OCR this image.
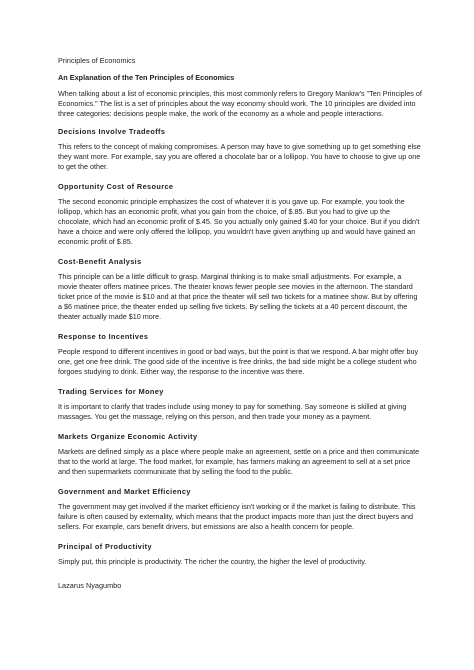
Principles of Economics
An Explanation of the Ten Principles of Economics

When talking about a list of economic principles, this most commonly refers to Gregory Mankiw's "Ten Principles of Economics." The list is a set of principles about the way economy should work. The 10 principles are divided into three categories: decisions people make, the work of the economy as a whole and people interactions.

Decisions Involve Tradeoffs

This refers to the concept of making compromises. A person may have to give something up to get something else they want more. For example, say you are offered a chocolate bar or a lollipop. You have to choose to give up one to get the other.

Opportunity Cost of Resource

The second economic principle emphasizes the cost of whatever it is you gave up. For example, you took the lollipop, which has an economic profit, what you gain from the choice, of $.85. But you had to give up the chocolate, which had an economic profit of $.45. So you actually only gained $.40 for your choice. But if you didn't have a choice and were only offered the lollipop, you wouldn't have given anything up and would have gained an economic profit of $.85.

Cost-Benefit Analysis

This principle can be a little difficult to grasp. Marginal thinking is to make small adjustments. For example, a movie theater offers matinee prices. The theater knows fewer people see movies in the afternoon. The standard ticket price of the movie is $10 and at that price the theater will sell two tickets for a matinee show. But by offering a $6 matinee price, the theater ended up selling five tickets. By selling the tickets at a 40 percent discount, the theater actually made $10 more.

Response to Incentives

People respond to different incentives in good or bad ways, but the point is that we respond. A bar might offer buy one, get one free drink. The good side of the incentive is free drinks, the bad side might be a college student who forgoes studying to drink. Either way, the response to the incentive was there.

Trading Services for Money

It is important to clarify that trades include using money to pay for something. Say someone is skilled at giving massages. You get the massage, relying on this person, and then trade your money as a payment.

Markets Organize Economic Activity

Markets are defined simply as a place where people make an agreement, settle on a price and then communicate that to the world at large. The food market, for example, has farmers making an agreement to sell at a set price and then supermarkets communicate that by selling the food to the public.

Government and Market Efficiency

The government may get involved if the market efficiency isn't working or if the market is failing to distribute. This failure is often caused by externality, which means that the product impacts more than just the direct buyers and sellers. For example, cars benefit drivers, but emissions are also a health concern for people.

Principal of Productivity

Simply put, this principle is productivity. The richer the country, the higher the level of productivity.

Lazarus Nyagumbo
